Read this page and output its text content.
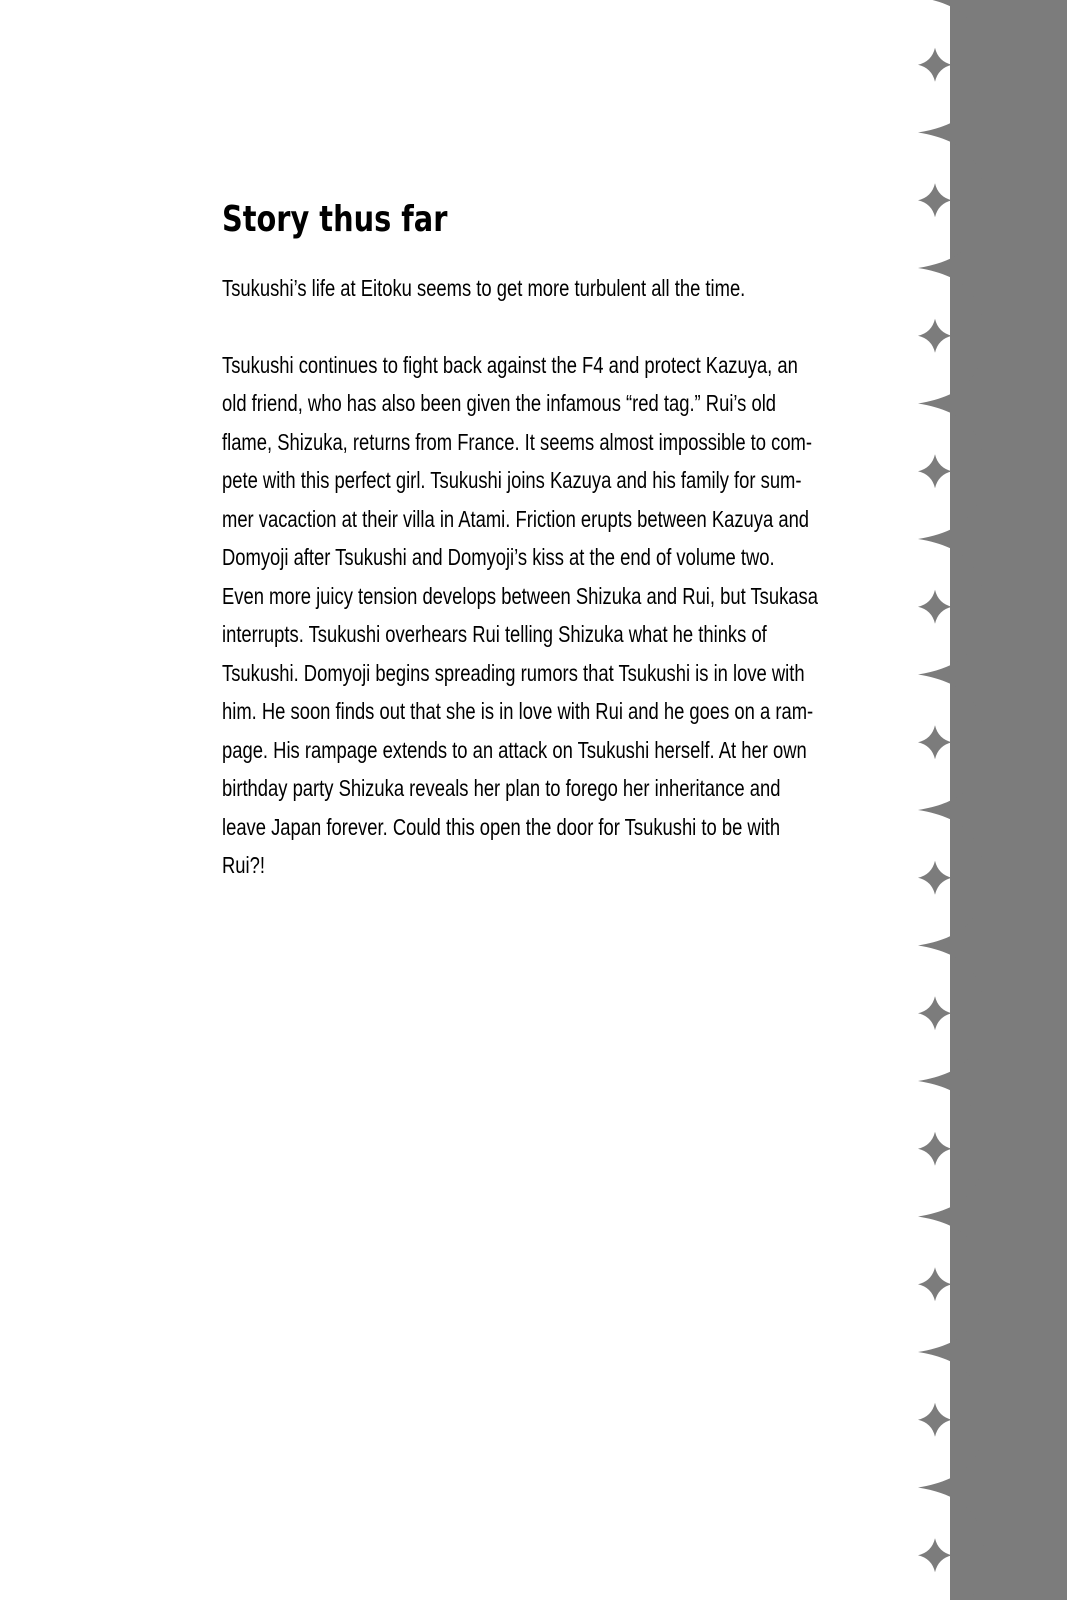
Story thus far

Tsukushi’s life at Eitoku seems to get more turbulent all the time.

Tsukushi continues to fight back against the F4 and protect Kazuya, an
old friend, who has also been given the infamous “red tag.” Rui’s old
flame, Shizuka, returns from France. It seems almost impossible to com-
pete with this perfect girl. Tsukushi joins Kazuya and his family for sum-
mer vacaction at their villa in Atami. Friction erupts between Kazuya and
Domyoji after Tsukushi and Domyoji’s kiss at the end of volume two.
Even more juicy tension develops between Shizuka and Rui, but Tsukasa
interrupts. Tsukushi overhears Rui telling Shizuka what he thinks of
Tsukushi. Domyoji begins spreading rumors that Tsukushi is in love with
him. He soon finds out that she is in love with Rui and he goes on a ram-
page. His rampage extends to an attack on Tsukushi herself. At her own
birthday party Shizuka reveals her plan to forego her inheritance and
leave Japan forever. Could this open the door for Tsukushi to be with
Rui?!
